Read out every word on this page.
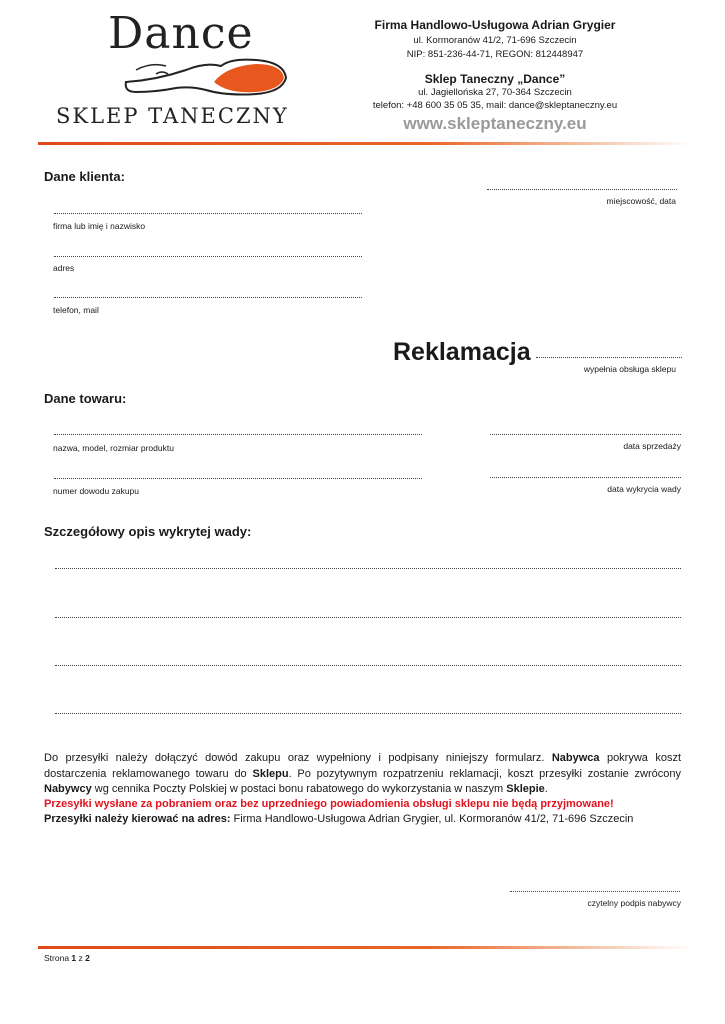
Dance
SKLEP TANECZNY
Firma Handlowo-Usługowa Adrian Grygier
ul. Kormoranów 41/2, 71-696 Szczecin
NIP: 851-236-44-71, REGON: 812448947
Sklep Taneczny „Dance”
ul. Jagiellońska 27, 70-364 Szczecin
telefon: +48 600 35 05 35, mail: dance@skleptaneczny.eu
www.skleptaneczny.eu
Dane klienta:
miejscowość, data
firma lub imię i nazwisko
adres
telefon, mail
Reklamacja
wypełnia obsługa sklepu
Dane towaru:
nazwa, model, rozmiar produktu	data sprzedaży
numer dowodu zakupu	data wykrycia wady
Szczegółowy opis wykrytej wady:
Do przesyłki należy dołączyć dowód zakupu oraz wypełniony i podpisany niniejszy formularz. Nabywca pokrywa koszt dostarczenia reklamowanego towaru do Sklepu. Po pozytywnym rozpatrzeniu reklamacji, koszt przesyłki zostanie zwrócony Nabywcy wg cennika Poczty Polskiej w postaci bonu rabatowego do wykorzystania w naszym Sklepie.
Przesyłki wysłane za pobraniem oraz bez uprzedniego powiadomienia obsługi sklepu nie będą przyjmowane!
Przesyłki należy kierować na adres: Firma Handlowo-Usługowa Adrian Grygier, ul. Kormoranów 41/2, 71-696 Szczecin
czytelny podpis nabywcy
Strona 1 z 2
